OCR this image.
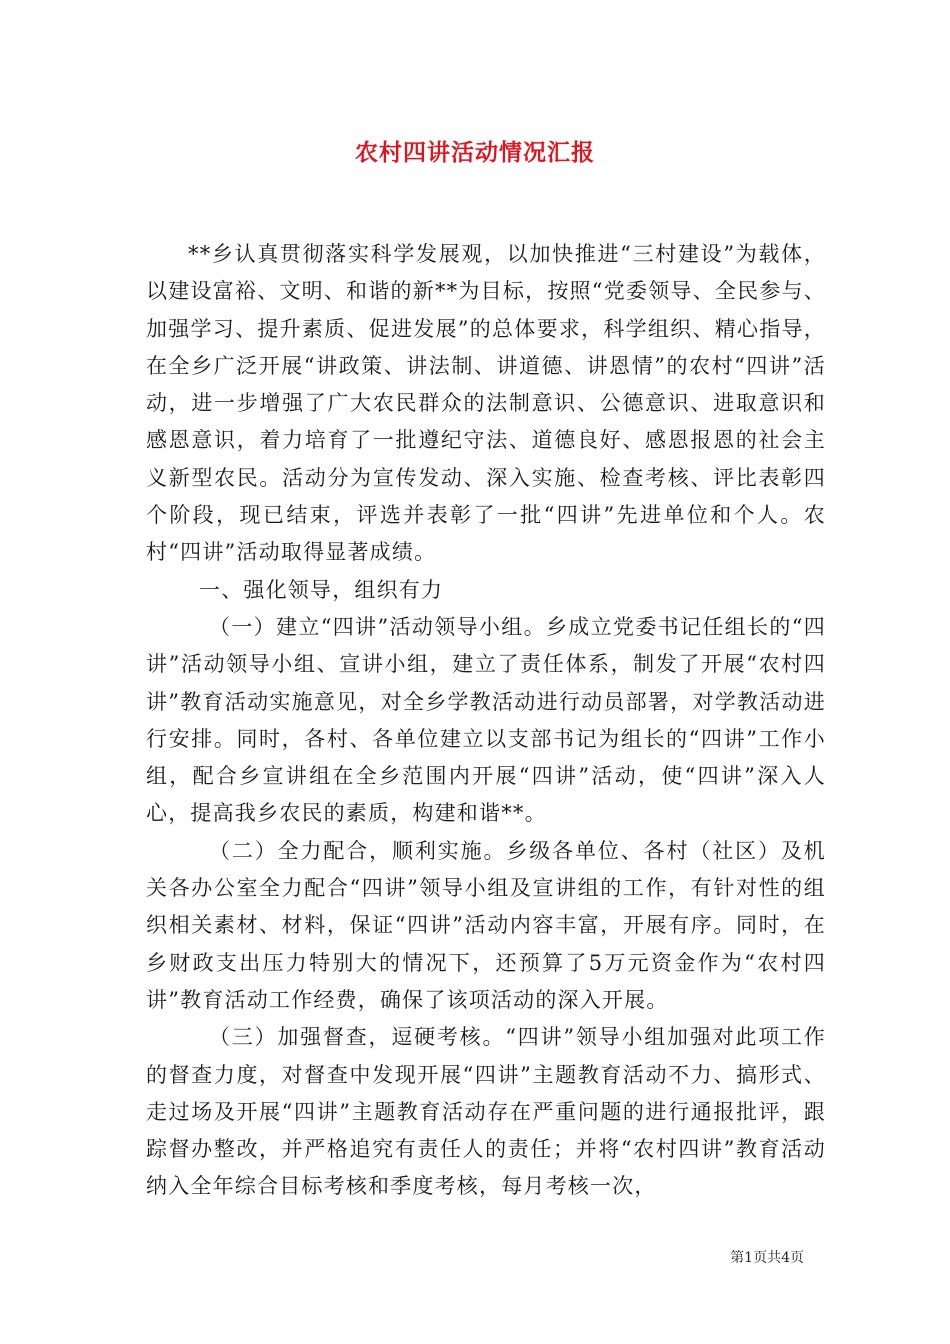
农村四讲活动情况汇报

**乡认真贯彻落实科学发展观，以加快推进“三村建设”为载体，以建设富裕、文明、和谐的新**为目标，按照“党委领导、全民参与、加强学习、提升素质、促进发展”的总体要求，科学组织、精心指导，在全乡广泛开展“讲政策、讲法制、讲道德、讲恩情”的农村“四讲”活动，进一步增强了广大农民群众的法制意识、公德意识、进取意识和感恩意识，着力培育了一批遵纪守法、道德良好、感恩报恩的社会主义新型农民。活动分为宣传发动、深入实施、检查考核、评比表彰四个阶段，现已结束，评选并表彰了一批“四讲”先进单位和个人。农村“四讲”活动取得显著成绩。

一、强化领导，组织有力

（一）建立“四讲”活动领导小组。乡成立党委书记任组长的“四讲”活动领导小组、宣讲小组，建立了责任体系，制发了开展“农村四讲”教育活动实施意见，对全乡学教活动进行动员部署，对学教活动进行安排。同时，各村、各单位建立以支部书记为组长的“四讲”工作小组，配合乡宣讲组在全乡范围内开展“四讲”活动，使“四讲”深入人心，提高我乡农民的素质，构建和谐**。

（二）全力配合，顺利实施。乡级各单位、各村（社区）及机关各办公室全力配合“四讲”领导小组及宣讲组的工作，有针对性的组织相关素材、材料，保证“四讲”活动内容丰富，开展有序。同时，在乡财政支出压力特别大的情况下，还预算了5万元资金作为“农村四讲”教育活动工作经费，确保了该项活动的深入开展。

（三）加强督查，逗硬考核。“四讲”领导小组加强对此项工作的督查力度，对督查中发现开展“四讲”主题教育活动不力、搞形式、走过场及开展“四讲”主题教育活动存在严重问题的进行通报批评，跟踪督办整改，并严格追究有责任人的责任；并将“农村四讲”教育活动纳入全年综合目标考核和季度考核，每月考核一次，

第1页共4页
